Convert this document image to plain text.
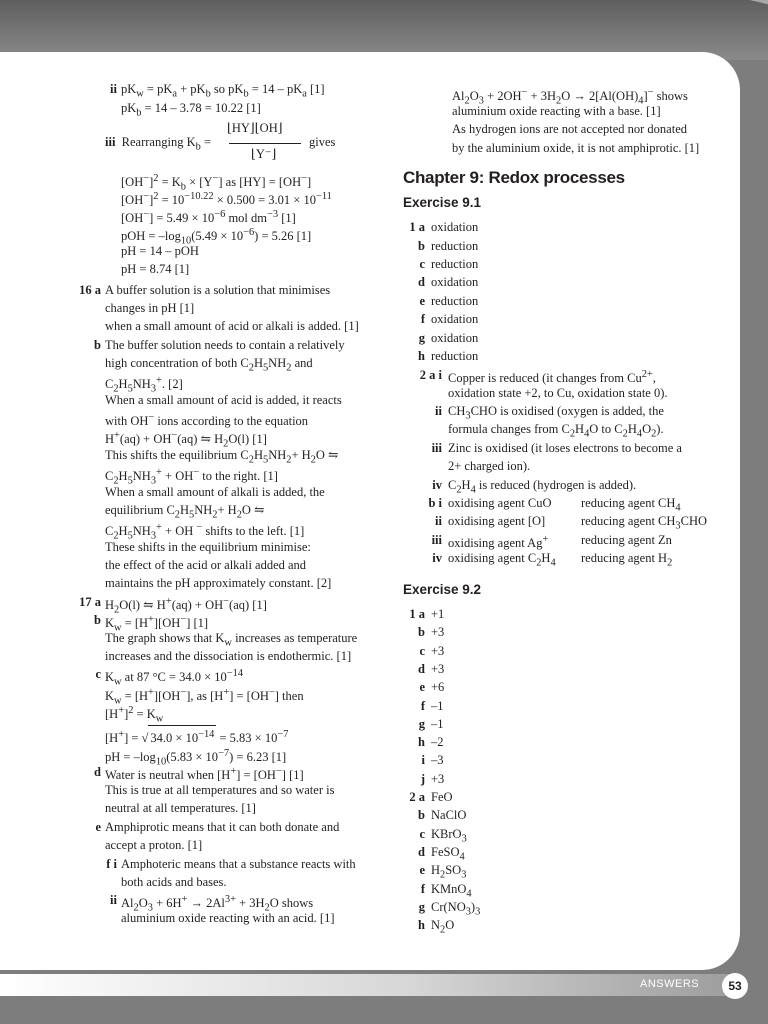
ANSWERS	53
⌊HY⌋⌊OH⌋
⌊Y⁻⌋
iii Rearranging $K_b$ =	gives
Chapter 9: Redox processes
Exercise 9.1
Exercise 9.2
ii $pK_w = pK_a + pK_b$ so $pK_b = 14 - pK_a$ [1]
$pK_b = 14 - 3.78 = 10.22$ [1]
$[OH^-]^2 = K_b \times [Y^-]$ as [HY] = [OH−]
$[OH^-]^2 = 10^{-10.22} \times 0.500 = 3.01 \times 10^{-11}$
$[OH^-] = 5.49 \times 10^{-6}$ mol $dm^{-3}$ [1]
pOH = $-\log_{10}(5.49 \times 10^{-6}) = 5.26$ [1]
pH = 14 – pOH
pH = 8.74 [1]
16 a A buffer solution is a solution that minimises
changes in pH [1]
when a small amount of acid or alkali is added. [1]
b The buffer solution needs to contain a relatively
high concentration of both $C_2H_5NH_2$ and
$C_2H_5NH_3^+$. [2]
When a small amount of acid is added, it reacts
with OH− ions according to the equation
H+(aq) + OH−(aq) ⇋ $H_2O(l)$ [1]
This shifts the equilibrium $C_2H_5NH_2+ H_2O$ ⇋
$C_2H_5NH_3^+ + OH^-$ to the right. [1]
When a small amount of alkali is added, the
equilibrium $C_2H_5NH_2+ H_2O$ ⇋
$C_2H_5NH_3^+$ + OH − shifts to the left. [1]
These shifts in the equilibrium minimise:
the effect of the acid or alkali added and
maintains the pH approximately constant. [2]
17 a $H_2O(l)$ ⇋ H+(aq) + OH−(aq) [1]
b $K_w = [H^+][OH^-]$ [1]
The graph shows that $K_w$ increases as temperature
increases and the dissociation is endothermic. [1]
c $K_w$ at 87 $^\circ C = 34.0 \times 10^{-14}$
$K_w = [H^+][OH^-]$, as [H+] = [OH−] then
$[H^+]^2 = K_w$
[H+] = √ $34.0 \times 10^{-14} = 5.83 \times 10^{-7}$
pH = $-\log_{10}(5.83 \times 10^{-7}) = 6.23$ [1]
d Water is neutral when [H+] = [OH−] [1]
This is true at all temperatures and so water is
neutral at all temperatures. [1]
e Amphiprotic means that it can both donate and
accept a proton. [1]
f i Amphoteric means that a substance reacts with
both acids and bases.
ii $Al_2O_3 + 6H^+ \to 2Al^{3+} + 3H_2O$ shows
aluminium oxide reacting with an acid. [1]
$Al_2O_3 + 2OH^- + 3H_2O \to 2[Al(OH)_4]^-$ shows
aluminium oxide reacting with a base. [1]
As hydrogen ions are not accepted nor donated
by the aluminium oxide, it is not amphiprotic. [1]
1 a oxidation
b reduction
c reduction
d oxidation
e reduction
f oxidation
g oxidation
h reduction
2 a i Copper is reduced (it changes from $Cu^{2+}$,
oxidation state +2, to Cu, oxidation state 0).
ii $CH_3CHO$ is oxidised (oxygen is added, the
formula changes from $C_2H_4O$ to $C_2H_4O_2$).
iii Zinc is oxidised (it loses electrons to become a
2+ charged ion).
iv $C_2H_4$ is reduced (hydrogen is added).
b i oxidising agent CuO reducing agent $CH_4$
ii oxidising agent [O]	reducing agent $CH_3CHO$
iii oxidising agent Ag+	reducing agent Zn
iv oxidising agent $C_2H_4$ reducing agent $H_2$
1 a +1
b +3
c +3
d +3
e +6
f –1
g –1
h –2
i –3
j +3
2 a FeO
b NaClO
c KBrO$_3$
d FeSO$_4$
e $H_2SO_3$
f KMnO$_4$
g $Cr(NO_3)_3$
h $N_2O$
